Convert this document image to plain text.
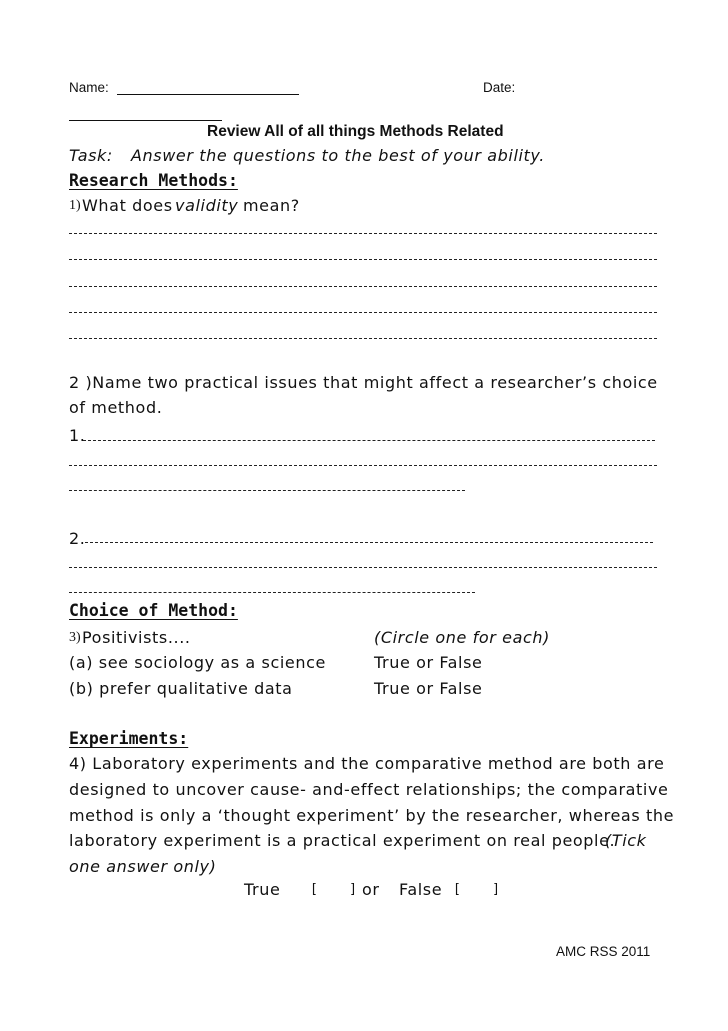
Name:	Date:
Review All of all things Methods Related
Task: Answer the questions to the best of your ability.
Research Methods:
1) What does validity mean?
2 )Name two practical issues that might affect a researcher’s choice
of method.
1.
2.
Choice of Method:
3) Positivists....	(Circle one for each)
(a) see sociology as a science	True or False
(b) prefer qualitative data	True or False
Experiments:
4) Laboratory experiments and the comparative method are both are
designed to uncover cause- and-effect relationships; the comparative
method is only a ‘thought experiment’ by the researcher, whereas the
laboratory experiment is a practical experiment on real people.
(Tick
one answer only)
True [    ] or False [    ]
AMC RSS 2011
